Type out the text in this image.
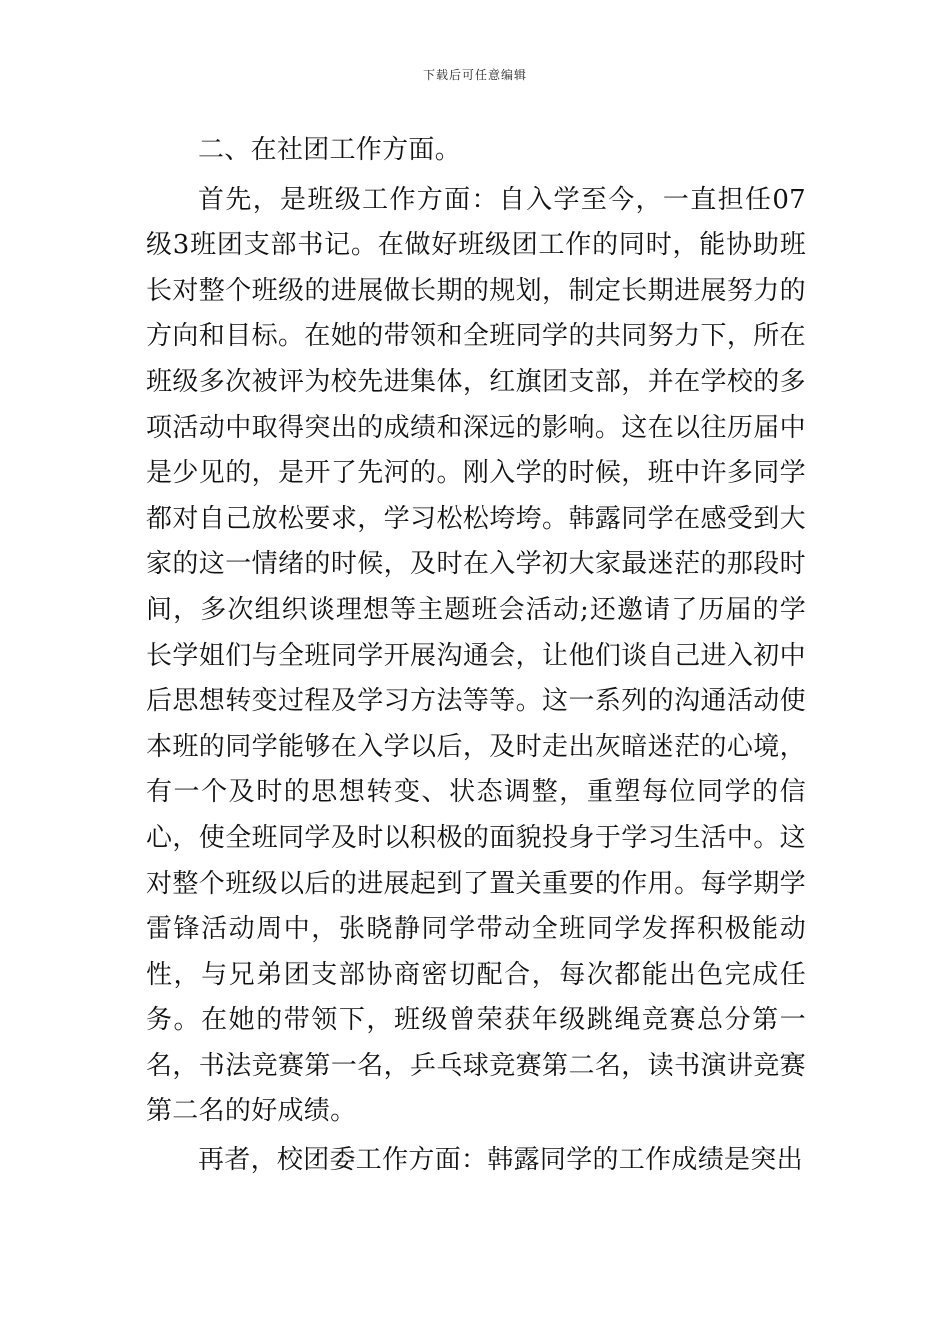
下载后可任意编辑

二、在社团工作方面。

首先，是班级工作方面：自入学至今，一直担任07级3班团支部书记。在做好班级团工作的同时，能协助班长对整个班级的进展做长期的规划，制定长期进展努力的方向和目标。在她的带领和全班同学的共同努力下，所在班级多次被评为校先进集体，红旗团支部，并在学校的多项活动中取得突出的成绩和深远的影响。这在以往历届中是少见的，是开了先河的。刚入学的时候，班中许多同学都对自己放松要求，学习松松垮垮。韩露同学在感受到大家的这一情绪的时候，及时在入学初大家最迷茫的那段时间，多次组织谈理想等主题班会活动;还邀请了历届的学长学姐们与全班同学开展沟通会，让他们谈自己进入初中后思想转变过程及学习方法等等。这一系列的沟通活动使本班的同学能够在入学以后，及时走出灰暗迷茫的心境，有一个及时的思想转变、状态调整，重塑每位同学的信心，使全班同学及时以积极的面貌投身于学习生活中。这对整个班级以后的进展起到了置关重要的作用。每学期学雷锋活动周中，张晓静同学带动全班同学发挥积极能动性，与兄弟团支部协商密切配合，每次都能出色完成任务。在她的带领下，班级曾荣获年级跳绳竞赛总分第一名，书法竞赛第一名，乒乓球竞赛第二名，读书演讲竞赛第二名的好成绩。

再者，校团委工作方面：韩露同学的工作成绩是突出
